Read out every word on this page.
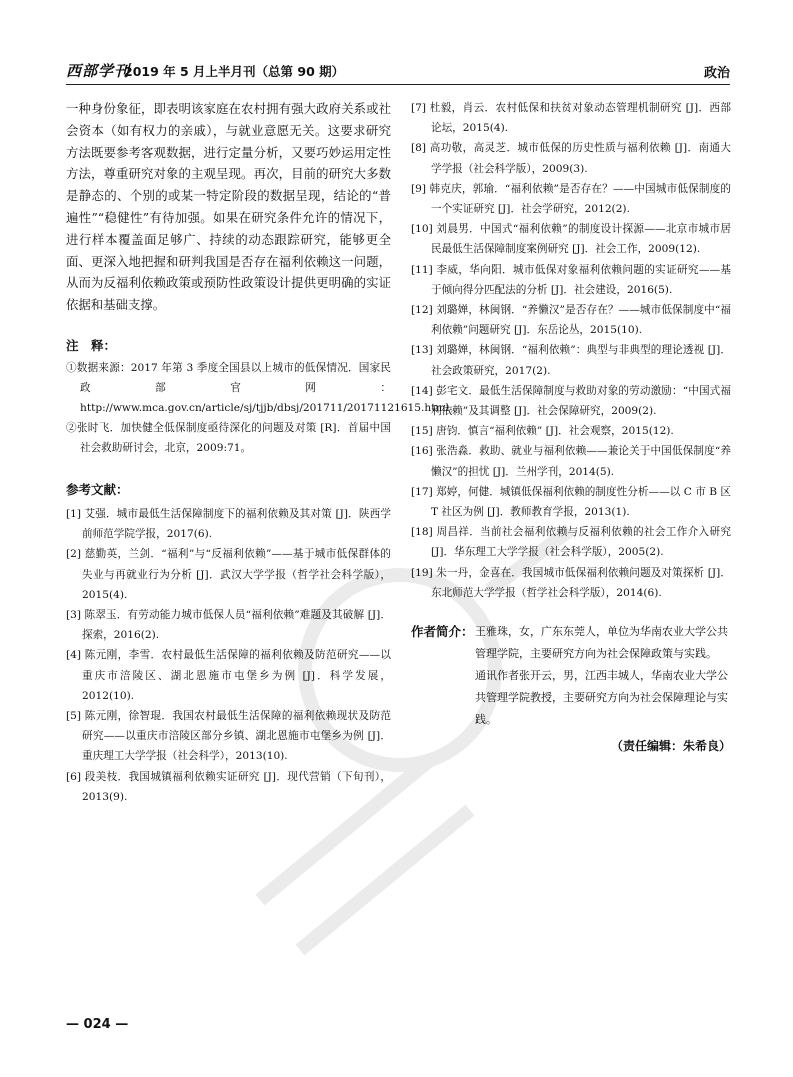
西部学刊
2019 年 5 月上半月刊（总第 90 期）	政治

一种身份象征，即表明该家庭在农村拥有强大政府关系或社会资本（如有权力的亲戚），与就业意愿无关。这要求研究方法既要参考客观数据，进行定量分析，又要巧妙运用定性方法，尊重研究对象的主观呈现。再次，目前的研究大多数是静态的、个别的或某一特定阶段的数据呈现，结论的“普遍性”“稳健性”有待加强。如果在研究条件允许的情况下，进行样本覆盖面足够广、持续的动态跟踪研究，能够更全面、更深入地把握和研判我国是否存在福利依赖这一问题，从而为反福利依赖政策或预防性政策设计提供更明确的实证依据和基础支撑。

注　释：

①数据来源：2017 年第 3 季度全国县以上城市的低保情况．国家民政部官网：http://www.mca.gov.cn/article/sj/tjjb/dbsj/201711/20171121615.html。

②张时飞．加快健全低保制度亟待深化的问题及对策 [R]．首届中国社会救助研讨会，北京，2009:71。

参考文献：

[1] 艾强．城市最低生活保障制度下的福利依赖及其对策 [J]．陕西学前师范学院学报，2017(6).

[2] 慈勤英，兰剑．“福利”与“反福利依赖”——基于城市低保群体的失业与再就业行为分析 [J]．武汉大学学报（哲学社会科学版），2015(4).

[3] 陈翠玉．有劳动能力城市低保人员“福利依赖”难题及其破解 [J]．探索，2016(2).

[4] 陈元刚，李雪．农村最低生活保障的福利依赖及防范研究——以重庆市涪陵区、湖北恩施市屯堡乡为例 [J]．科学发展，2012(10).

[5] 陈元刚，徐智琨．我国农村最低生活保障的福利依赖现状及防范研究——以重庆市涪陵区部分乡镇、湖北恩施市屯堡乡为例 [J]．重庆理工大学学报（社会科学），2013(10).

[6] 段美枝．我国城镇福利依赖实证研究 [J]．现代营销（下旬刊），2013(9).

[7] 杜毅，肖云．农村低保和扶贫对象动态管理机制研究 [J]．西部论坛，2015(4).

[8] 高功敬，高灵芝．城市低保的历史性质与福利依赖 [J]．南通大学学报（社会科学版），2009(3).

[9] 韩克庆，郭瑜．“福利依赖”是否存在？——中国城市低保制度的一个实证研究 [J]．社会学研究，2012(2).

[10] 刘晨男．中国式“福利依赖”的制度设计探源——北京市城市居民最低生活保障制度案例研究 [J]．社会工作，2009(12).

[11] 李威，华向阳．城市低保对象福利依赖问题的实证研究——基于倾向得分匹配法的分析 [J]．社会建设，2016(5).

[12] 刘璐婵，林闽钢．“养懒汉”是否存在？——城市低保制度中“福利依赖”问题研究 [J]．东岳论丛，2015(10).

[13] 刘璐婵，林闽钢．“福利依赖”：典型与非典型的理论透视 [J]．社会政策研究，2017(2).

[14] 彭宅文．最低生活保障制度与救助对象的劳动激励：“中国式福利依赖”及其调整 [J]．社会保障研究，2009(2).

[15] 唐钧．慎言“福利依赖” [J]．社会观察，2015(12).

[16] 张浩淼．救助、就业与福利依赖——兼论关于中国低保制度“养懒汉”的担忧 [J]．兰州学刊，2014(5).

[17] 郑婷，何健．城镇低保福利依赖的制度性分析——以 C 市 B 区 T 社区为例 [J]．教师教育学报，2013(1).

[18] 周昌祥．当前社会福利依赖与反福利依赖的社会工作介入研究 [J]．华东理工大学学报（社会科学版），2005(2).

[19] 朱一丹，金喜在．我国城市低保福利依赖问题及对策探析 [J]．东北师范大学学报（哲学社会科学版），2014(6).

作者简介： 王雅珠，女，广东东莞人，单位为华南农业大学公共管理学院，主要研究方向为社会保障政策与实践。

通讯作者张开云，男，江西丰城人，华南农业大学公共管理学院教授，主要研究方向为社会保障理论与实践。

（责任编辑：朱希良）
— 024 —
